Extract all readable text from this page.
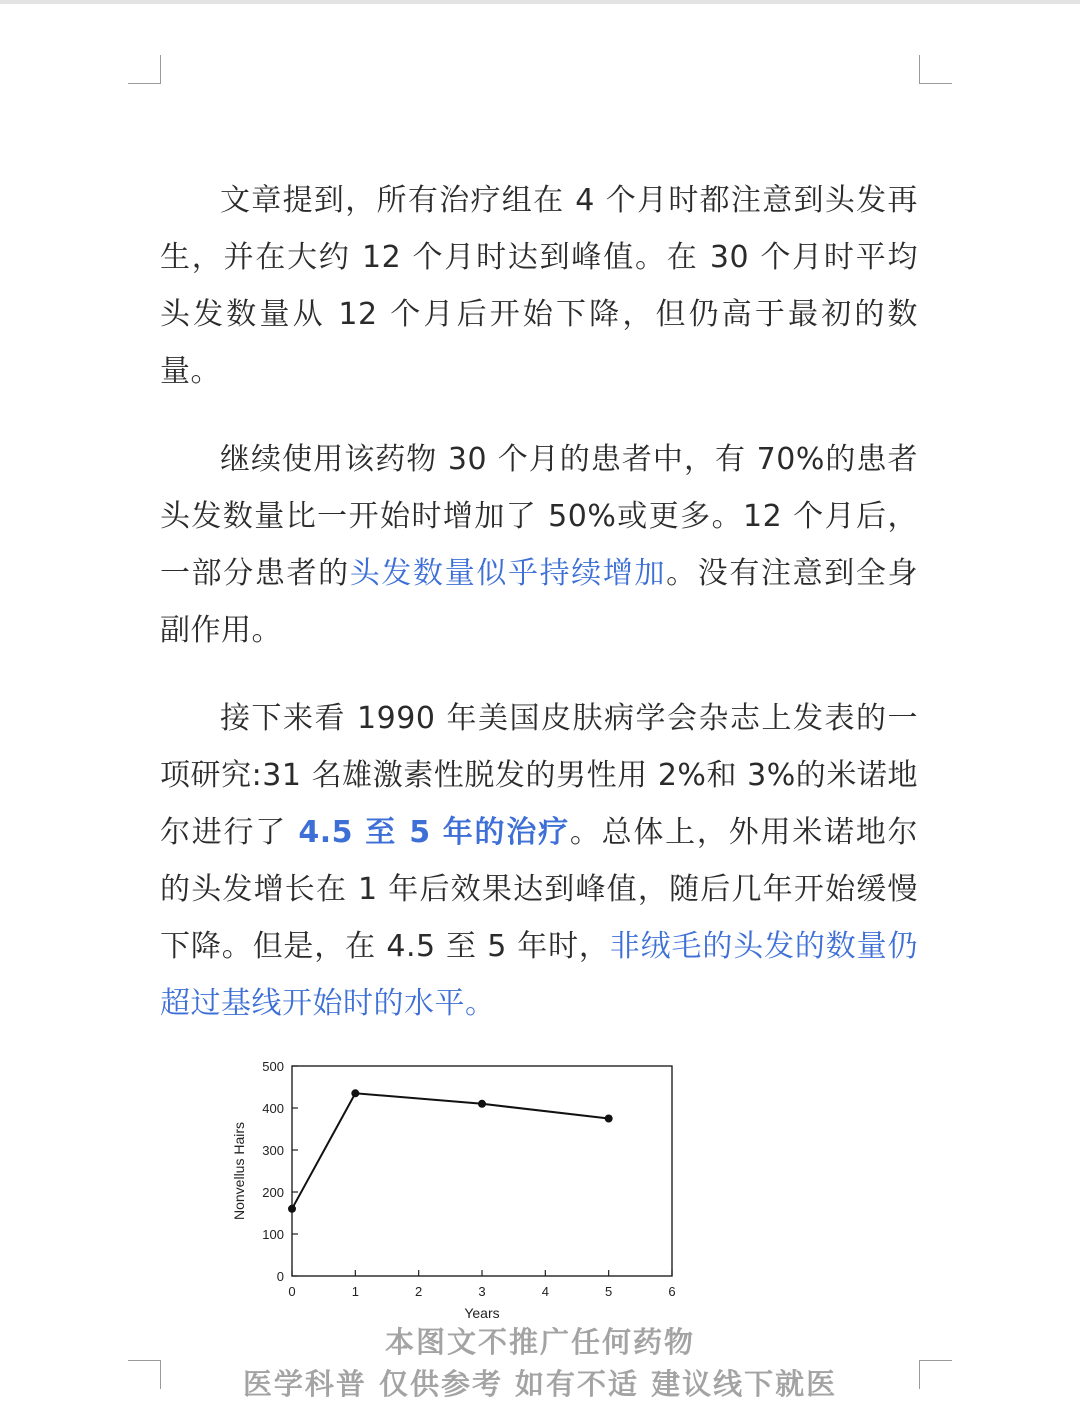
文章提到，所有治疗组在 4 个月时都注意到头发再生，并在大约 12 个月时达到峰值。在 30 个月时平均头发数量从 12 个月后开始下降，但仍高于最初的数量。

继续使用该药物 30 个月的患者中，有 70%的患者头发数量比一开始时增加了 50%或更多。12 个月后，一部分患者的头发数量似乎持续增加。没有注意到全身副作用。

接下来看 1990 年美国皮肤病学会杂志上发表的一项研究:31 名雄激素性脱发的男性用 2%和 3%的米诺地尔进行了 4.5 至 5 年的治疗。总体上，外用米诺地尔的头发增长在 1 年后效果达到峰值，随后几年开始缓慢下降。但是，在 4.5 至 5 年时，非绒毛的头发的数量仍超过基线开始时的水平。

0
100
200
300
400
500
0	1	2	3	4	5	6
Years
Nonvellus Hairs
本图文不推广任何药物
医学科普 仅供参考 如有不适 建议线下就医
